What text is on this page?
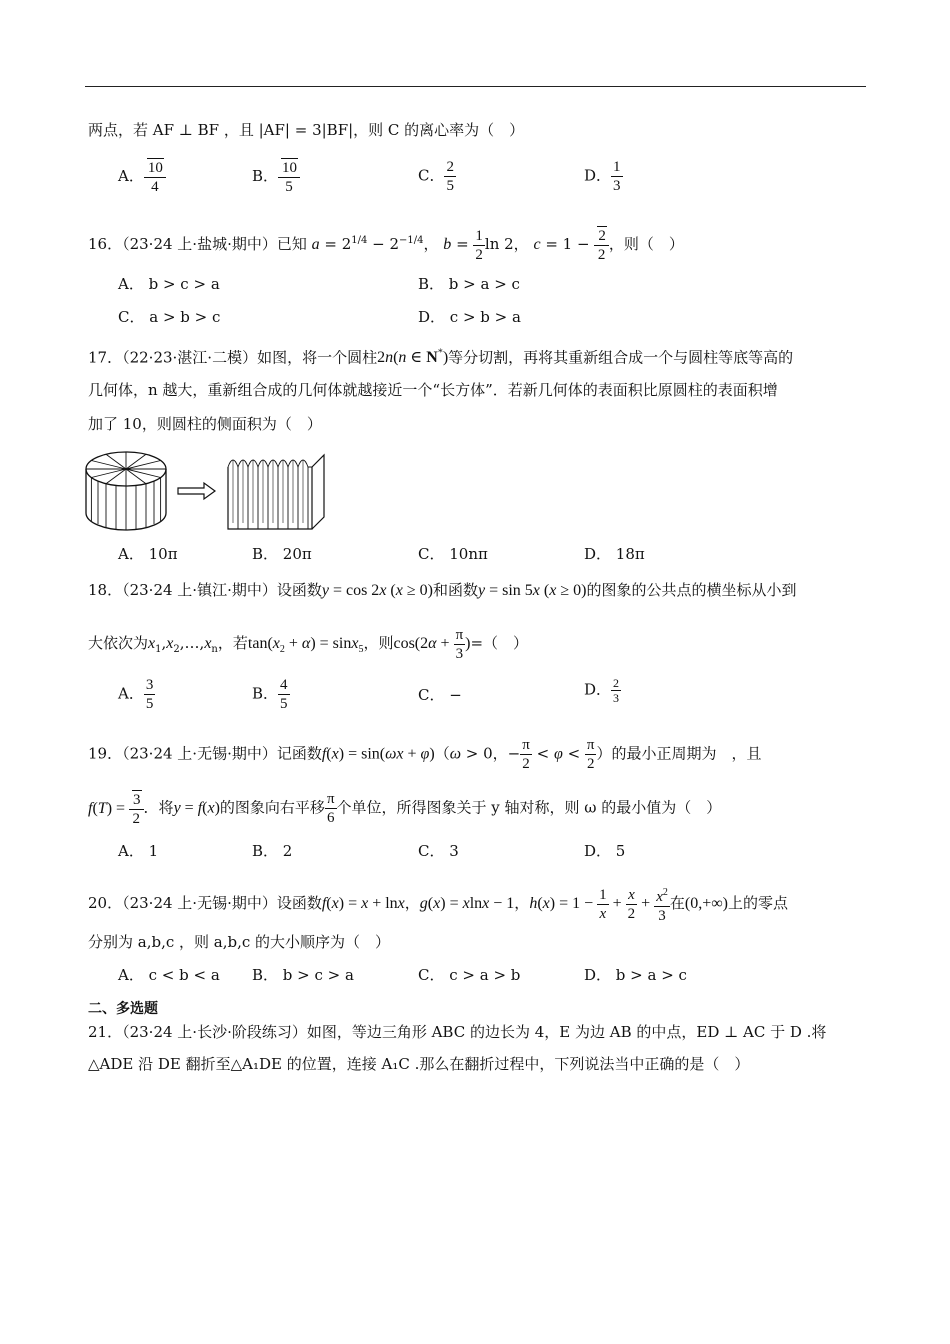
两点，若 AF ⊥ BF ，且 |AF| = 3|BF|，则 C 的离心率为（　）
A． $\frac{10}{4}$	B． $\frac{10}{5}$	C． $\frac{2}{5}$	D． $\frac{1}{3}$
16．（23·24 上·盐城·期中）已知 $a = 2^{1/4} - 2^{-1/4}$， $b = \frac{1}{2}$ ln 2， $c = 1 - \frac{2}{2}$ ，则（　）
A． b > c > a	B． b > a > c
C． a > b > c	D． c > b > a
17．（22·23·湛江·二模）如图，将一个圆柱2n(n ∈ N*)等分切割，再将其重新组合成一个与圆柱等底等高的
几何体，n 越大，重新组合成的几何体就越接近一个“长方体”．若新几何体的表面积比原圆柱的表面积增
加了 10，则圆柱的侧面积为（　）
A． 10π	B． 20π	C． 10nπ	D． 18π
18．（23·24 上·镇江·期中）设函数y = cos 2x (x ≥ 0)和函数y = sin 5x (x ≥ 0)的图象的公共点的横坐标从小到
大依次为$x_1,x_2,\dots,x_n$，若$\tan(x_2 + \alpha) = \sin x_5$，则$\cos(2\alpha + \frac{\pi}{3}$ )=（　）
A． $\frac{3}{5}$	B． $\frac{4}{5}$	C． −	D． $\frac{2}{3}$
19．（23·24 上·无锡·期中）记函数f(x) = sin(ωx + φ)（ω > 0，− $\frac{\pi}{2} < \varphi < \frac{\pi}{2}$ ）的最小正周期为　，且
$f(T) = \frac{3}{2}$ ．将y = f(x)的图象向右平移 $\frac{\pi}{6}$ 个单位，所得图象关于 y 轴对称，则 ω 的最小值为（　）
A． 1	B． 2	C． 3	D． 5
20．（23·24 上·无锡·期中）设函数f(x) = x + lnx，g(x) = xlnx − 1，$h(x) = 1 - \frac{1}{x} + \frac{x}{2} + \frac{x^2}{3}$ 在(0,+∞)上的零点
分别为 a,b,c ，则 a,b,c 的大小顺序为（　）
A． c < b < a B． b > c > a	C． c > a > b	D． b > a > c
二、多选题
21．（23·24 上·长沙·阶段练习）如图，等边三角形 ABC 的边长为 4，E 为边 AB 的中点，ED ⊥ AC 于 D .将
△ADE 沿 DE 翻折至△A₁DE 的位置，连接 A₁C .那么在翻折过程中，下列说法当中正确的是（　）
